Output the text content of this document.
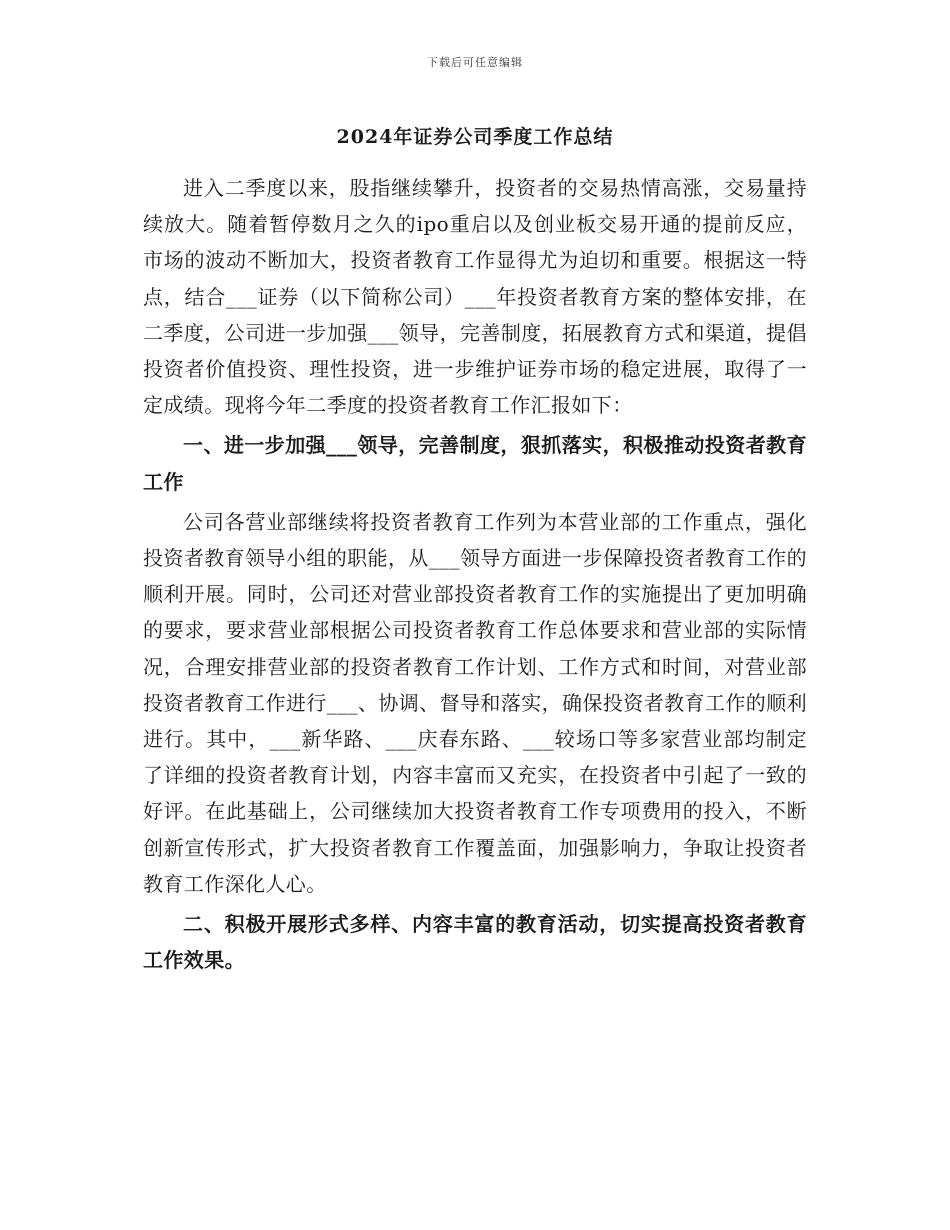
下载后可任意编辑
2024年证券公司季度工作总结

进入二季度以来，股指继续攀升，投资者的交易热情高涨，交易量持续放大。随着暂停数月之久的ipo重启以及创业板交易开通的提前反应，市场的波动不断加大，投资者教育工作显得尤为迫切和重要。根据这一特点，结合___证券（以下简称公司）___年投资者教育方案的整体安排，在二季度，公司进一步加强___领导，完善制度，拓展教育方式和渠道，提倡投资者价值投资、理性投资，进一步维护证券市场的稳定进展，取得了一定成绩。现将今年二季度的投资者教育工作汇报如下：

一、进一步加强___领导，完善制度，狠抓落实，积极推动投资者教育工作

公司各营业部继续将投资者教育工作列为本营业部的工作重点，强化投资者教育领导小组的职能，从___领导方面进一步保障投资者教育工作的顺利开展。同时，公司还对营业部投资者教育工作的实施提出了更加明确的要求，要求营业部根据公司投资者教育工作总体要求和营业部的实际情况，合理安排营业部的投资者教育工作计划、工作方式和时间，对营业部投资者教育工作进行___、协调、督导和落实，确保投资者教育工作的顺利进行。其中，___新华路、___庆春东路、___较场口等多家营业部均制定了详细的投资者教育计划，内容丰富而又充实，在投资者中引起了一致的好评。在此基础上，公司继续加大投资者教育工作专项费用的投入，不断创新宣传形式，扩大投资者教育工作覆盖面，加强影响力，争取让投资者教育工作深化人心。

二、积极开展形式多样、内容丰富的教育活动，切实提高投资者教育工作效果。
